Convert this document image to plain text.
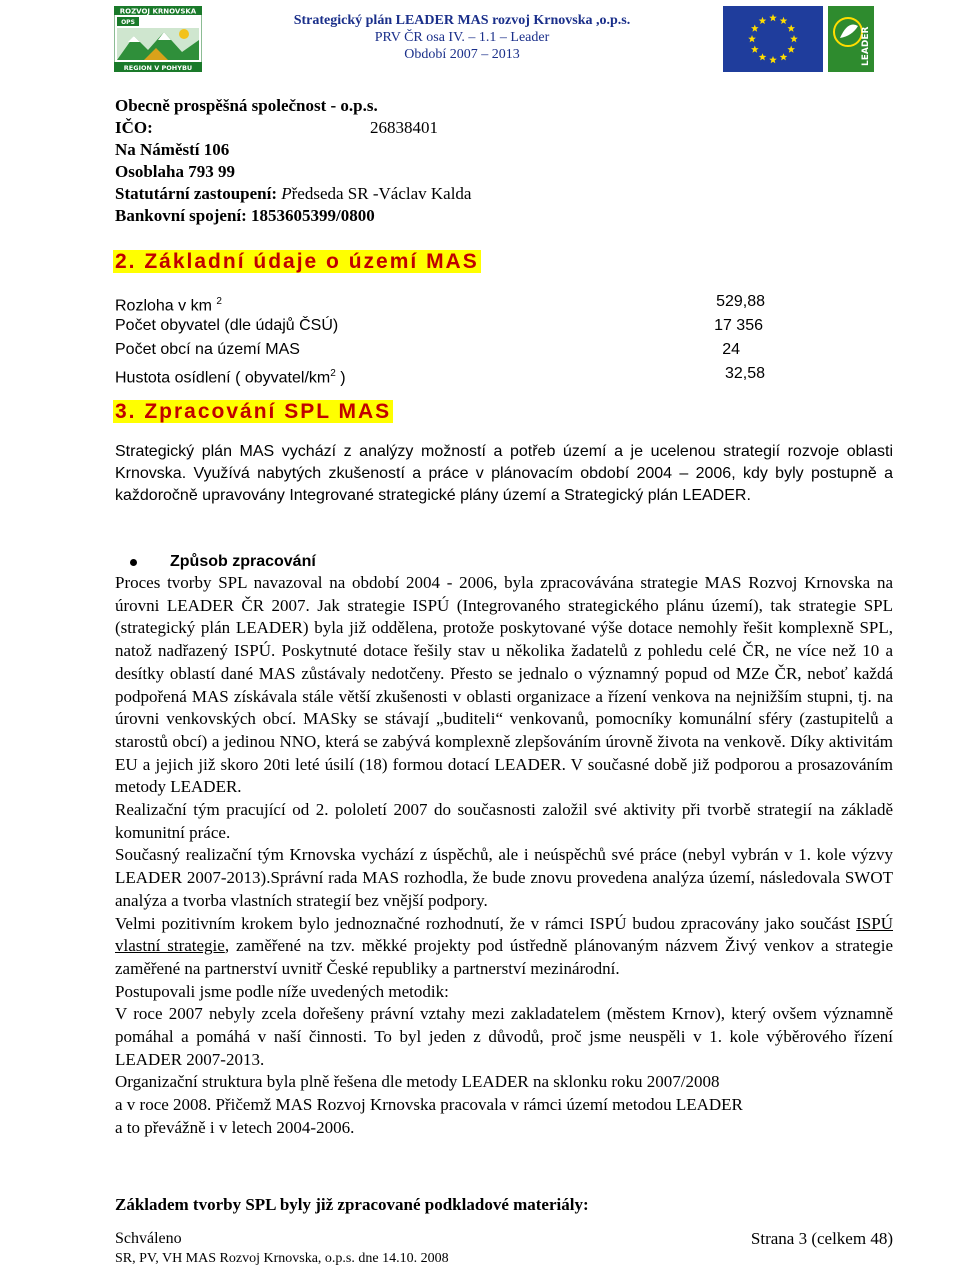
ROZVOJ KRNOVSKA
OPS
REGION V POHYBU
Strategický plán LEADER MAS rozvoj Krnovska ,o.p.s.
PRV ČR osa IV. – 1.1 – Leader
Období 2007 – 2013	LEADER
Obecně prospěšná společnost - o.p.s.
IČO:	26838401
Na Náměstí 106
Osoblaha 793 99
Statutární zastoupení: Předseda SR -Václav Kalda
Bankovní spojení: 1853605399/0800
2. Základní údaje o území MAS
Rozloha v km $^2$	529,88
Počet obyvatel (dle údajů ČSÚ)	17 356
Počet obcí na území MAS	24
Hustota osídlení ( obyvatel/$km^2$ )	32,58
3. Zpracování SPL MAS
Strategický plán MAS vychází z analýzy možností a potřeb území a je ucelenou strategií rozvoje oblasti Krnovska. Využívá nabytých zkušeností a práce v plánovacím období 2004 – 2006, kdy byly postupně a každoročně upravovány Integrované strategické plány území a Strategický plán LEADER.
Způsob zpracování

Proces tvorby SPL navazoval na období 2004 - 2006, byla zpracovávána strategie MAS Rozvoj Krnovska na úrovni LEADER ČR 2007. Jak strategie ISPÚ (Integrovaného strategického plánu území), tak strategie SPL (strategický plán LEADER) byla již oddělena, protože poskytované výše dotace nemohly řešit komplexně SPL, natož nadřazený ISPÚ. Poskytnuté dotace řešily stav u několika žadatelů z pohledu celé ČR, ne více než 10 a desítky oblastí dané MAS zůstávaly nedotčeny. Přesto se jednalo o významný popud od MZe ČR, neboť každá podpořená MAS získávala stále větší zkušenosti v oblasti organizace a řízení venkova na nejnižším stupni, tj. na úrovni venkovských obcí. MASky se stávají „buditeli“ venkovanů, pomocníky komunální sféry (zastupitelů a starostů obcí) a jedinou NNO, která se zabývá komplexně zlepšováním úrovně života na venkově. Díky aktivitám EU a jejich již skoro 20ti leté úsilí (18) formou dotací LEADER. V současné době již podporou a prosazováním metody LEADER.

Realizační tým pracující od 2. pololetí 2007 do současnosti založil své aktivity při tvorbě strategií na základě komunitní práce.

Současný realizační tým Krnovska vychází z úspěchů, ale i neúspěchů své práce (nebyl vybrán v 1. kole výzvy LEADER 2007-2013).Správní rada MAS rozhodla, že bude znovu provedena analýza území, následovala SWOT analýza a tvorba vlastních strategií bez vnější podpory.

Velmi pozitivním krokem bylo jednoznačné rozhodnutí, že v rámci ISPÚ budou zpracovány jako součást ISPÚ vlastní strategie, zaměřené na tzv. měkké projekty pod ústředně plánovaným názvem Živý venkov a strategie zaměřené na partnerství uvnitř České republiky a partnerství mezinárodní.

Postupovali jsme podle níže uvedených metodik:

V roce 2007 nebyly zcela dořešeny právní vztahy mezi zakladatelem (městem Krnov), který ovšem významně pomáhal a pomáhá v naší činnosti. To byl jeden z důvodů, proč jsme neuspěli v 1. kole výběrového řízení LEADER 2007-2013.

Organizační struktura byla plně řešena dle metody LEADER na sklonku roku 2007/2008
a v roce 2008. Přičemž MAS Rozvoj Krnovska pracovala v rámci území metodou LEADER
a to převážně i v letech 2004-2006.

Základem tvorby SPL byly již zpracované podkladové materiály:
Schváleno	Strana 3 (celkem 48)
SR, PV, VH MAS Rozvoj Krnovska, o.p.s. dne 14.10. 2008
